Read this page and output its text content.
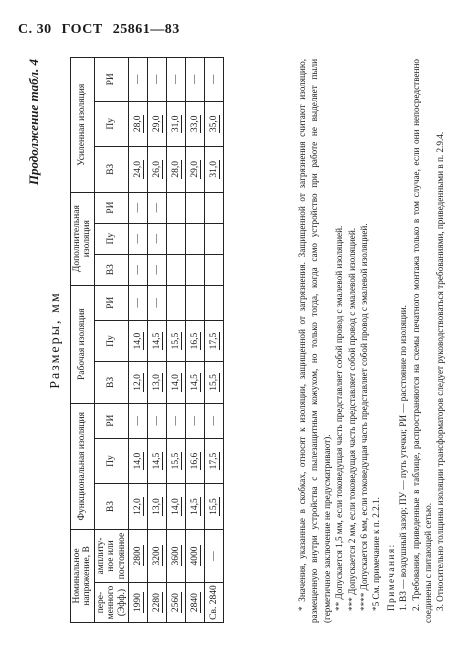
С. 30 ГОСТ 25861—83
Продолжение табл. 4
Размеры, мм
Номинальное напряжение, В		Функциональная изоляция			Рабочая изоляция			Дополнительная изоляция			Усиленная изоляция		
пере- менного (Эфф.)	амплиту- ное или постоянное												
		ВЗ	Пу	РИ	ВЗ	Пу	РИ	ВЗ	Пу	РИ	ВЗ	Пу	РИ
1990	2800	12,0	14,0	—	12,0	14,0	—	—	—	—	24,0	28,0	—
2280	3200	13,0	14,5	—	13,0	14,5	—	—	—	—	26,0	29,0	—
2560	3600	14,0	15,5	—	14,0	15,5					28,0	31,0	—
2840	4000	14,5	16,6	—	14,5	16,5					29,0	33,0	—
Св. 2840	—	15,5	17,5	—	15,5	17,5					31,0	35,0	—	* Значения, указанные в скобках, относят к изоляции, защищенной от загрязнения. Защищенной от загрязнения считают изоляцию, размещенную внутри устройства с пылезащитным кожухом, но только тогда, когда само устройство при работе не выделяет пыли (герметичное заключение не предусматривают). ** Допускается 1,5 мм, если токоведущая часть представляет собой провод с эмалевой изоляцией. *** Допускается 2 мм, если токоведущая часть представляет собой провод с эмалевой изоляцией. **** Допускается 6 мм, если токоведущая часть представляет собой провод с эмалевой изоляцией. *5 См. примечание к п. 2.2.1. Примечания: 1. ВЗ — воздушный зазор; ПУ — путь утечки; РИ — расстояние по изоляции. 2. Требования, приведенные в таблице, распространяются на схемы печатного монтажа только в том случае, если они непосредственно соединены с питающей сетью. 3. Относительно толщины изоляции трансформаторов следует руководствоваться требованиями, приведенными в п. 2.9.4.
